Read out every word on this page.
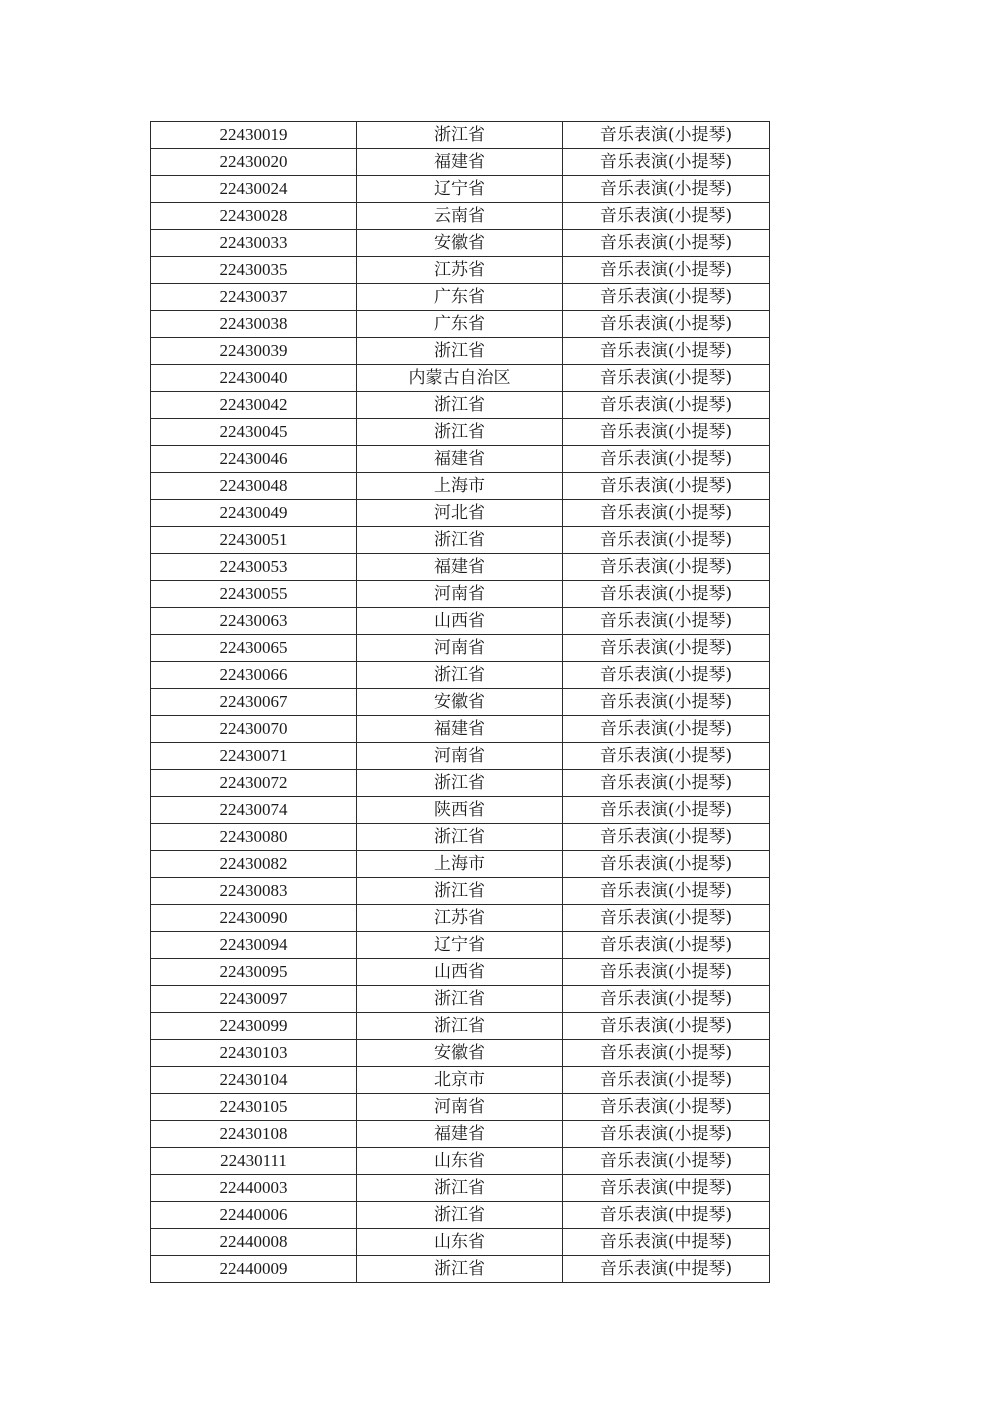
22430019	浙江省	音乐表演(小提琴)
22430020	福建省	音乐表演(小提琴)
22430024	辽宁省	音乐表演(小提琴)
22430028	云南省	音乐表演(小提琴)
22430033	安徽省	音乐表演(小提琴)
22430035	江苏省	音乐表演(小提琴)
22430037	广东省	音乐表演(小提琴)
22430038	广东省	音乐表演(小提琴)
22430039	浙江省	音乐表演(小提琴)
22430040	内蒙古自治区	音乐表演(小提琴)
22430042	浙江省	音乐表演(小提琴)
22430045	浙江省	音乐表演(小提琴)
22430046	福建省	音乐表演(小提琴)
22430048	上海市	音乐表演(小提琴)
22430049	河北省	音乐表演(小提琴)
22430051	浙江省	音乐表演(小提琴)
22430053	福建省	音乐表演(小提琴)
22430055	河南省	音乐表演(小提琴)
22430063	山西省	音乐表演(小提琴)
22430065	河南省	音乐表演(小提琴)
22430066	浙江省	音乐表演(小提琴)
22430067	安徽省	音乐表演(小提琴)
22430070	福建省	音乐表演(小提琴)
22430071	河南省	音乐表演(小提琴)
22430072	浙江省	音乐表演(小提琴)
22430074	陕西省	音乐表演(小提琴)
22430080	浙江省	音乐表演(小提琴)
22430082	上海市	音乐表演(小提琴)
22430083	浙江省	音乐表演(小提琴)
22430090	江苏省	音乐表演(小提琴)
22430094	辽宁省	音乐表演(小提琴)
22430095	山西省	音乐表演(小提琴)
22430097	浙江省	音乐表演(小提琴)
22430099	浙江省	音乐表演(小提琴)
22430103	安徽省	音乐表演(小提琴)
22430104	北京市	音乐表演(小提琴)
22430105	河南省	音乐表演(小提琴)
22430108	福建省	音乐表演(小提琴)
22430111	山东省	音乐表演(小提琴)
22440003	浙江省	音乐表演(中提琴)
22440006	浙江省	音乐表演(中提琴)
22440008	山东省	音乐表演(中提琴)
22440009	浙江省	音乐表演(中提琴)
